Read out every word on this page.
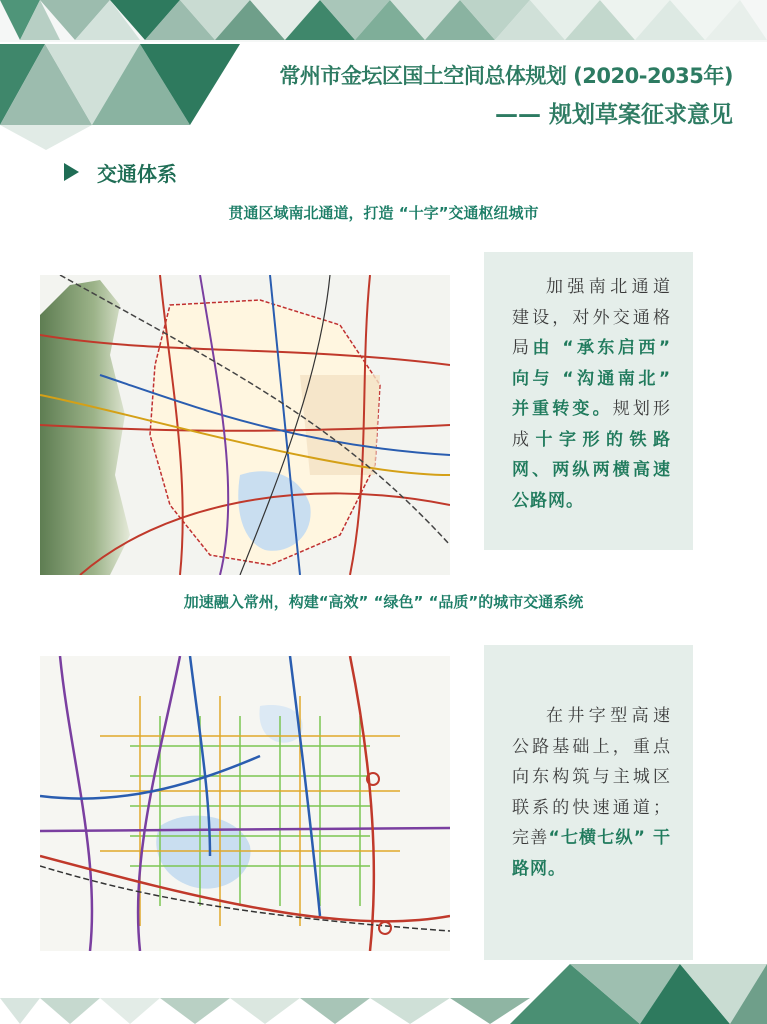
常州市金坛区国土空间总体规划 (2020-2035年)
—— 规划草案征求意见
交通体系
贯通区域南北通道，打造 “十字”交通枢纽城市

加强南北通道建设，对外交通格局由 “承东启西” 向与 “沟通南北” 并重转变。规划形成十字形的铁路网、两纵两横高速公路网。

加速融入常州，构建“高效” “绿色” “品质”的城市交通系统

在井字型高速公路基础上，重点向东构筑与主城区联系的快速通道；完善“七横七纵” 干路网。
